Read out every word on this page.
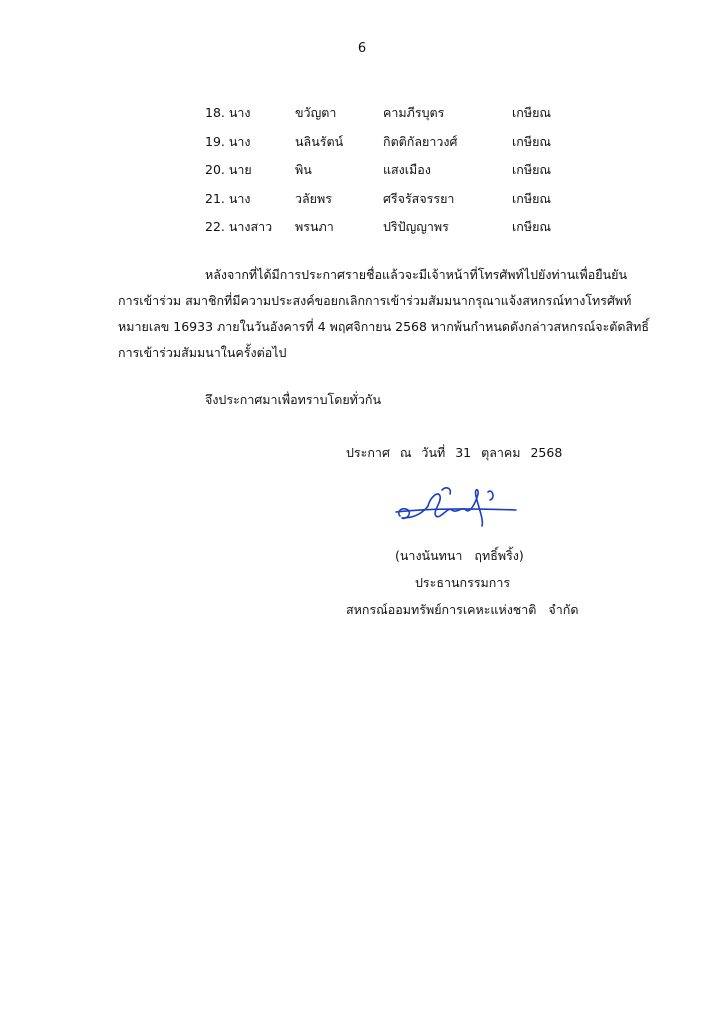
6
18. นาง	ขวัญตา	คามภีรบุตร	เกษียณ
19. นาง	นลินรัตน์	กิตติกัลยาวงศ์	เกษียณ
20. นาย	พิน	แสงเมือง	เกษียณ
21. นาง	วลัยพร	ศรีจรัสจรรยา	เกษียณ
22. นางสาว พรนภา	ปริปัญญาพร	เกษียณ
หลังจากที่ได้มีการประกาศรายชื่อแล้วจะมีเจ้าหน้าที่โทรศัพท์ไปยังท่านเพื่อยืนยัน
การเข้าร่วม สมาชิกที่มีความประสงค์ขอยกเลิกการเข้าร่วมสัมมนากรุณาแจ้งสหกรณ์ทางโทรศัพท์
หมายเลข 16933 ภายในวันอังคารที่ 4 พฤศจิกายน 2568 หากพ้นกำหนดดังกล่าวสหกรณ์จะตัดสิทธิ์
การเข้าร่วมสัมมนาในครั้งต่อไป
จึงประกาศมาเพื่อทราบโดยทั่วกัน
ประกาศ ณ วันที่ 31 ตุลาคม 2568
(นางนันทนา ฤทธิ์พริ้ง)
ประธานกรรมการ
สหกรณ์ออมทรัพย์การเคหะแห่งชาติ จำกัด
